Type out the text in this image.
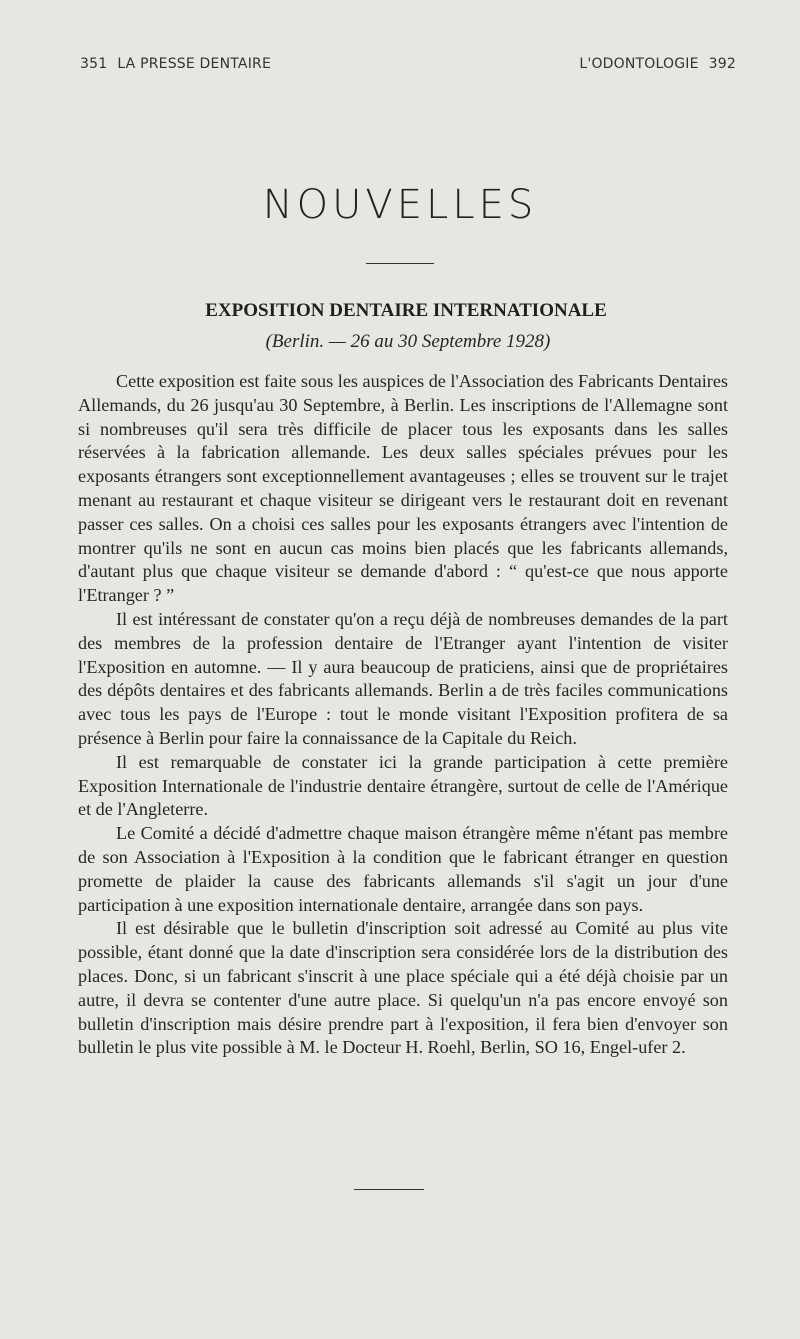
351 LA PRESSE DENTAIRE	L'ODONTOLOGIE 392
NOUVELLES
EXPOSITION DENTAIRE INTERNATIONALE
(Berlin. — 26 au 30 Septembre 1928)

Cette exposition est faite sous les auspices de l'Association des Fabricants Dentaires Allemands, du 26 jusqu'au 30 Septembre, à Berlin. Les inscriptions de l'Allemagne sont si nombreuses qu'il sera très difficile de placer tous les exposants dans les salles réservées à la fabrication allemande. Les deux salles spéciales prévues pour les exposants étrangers sont exceptionnellement avantageuses ; elles se trouvent sur le trajet menant au restaurant et chaque visiteur se dirigeant vers le restaurant doit en revenant passer ces salles. On a choisi ces salles pour les exposants étrangers avec l'intention de montrer qu'ils ne sont en aucun cas moins bien placés que les fabricants allemands, d'autant plus que chaque visiteur se demande d'abord : “ qu'est-ce que nous apporte l'Etranger ? ”

Il est intéressant de constater qu'on a reçu déjà de nombreuses demandes de la part des membres de la profession dentaire de l'Etranger ayant l'intention de visiter l'Exposition en automne. — Il y aura beaucoup de praticiens, ainsi que de propriétaires des dépôts dentaires et des fabricants allemands. Berlin a de très faciles communications avec tous les pays de l'Europe : tout le monde visitant l'Exposition profitera de sa présence à Berlin pour faire la connaissance de la Capitale du Reich.

Il est remarquable de constater ici la grande participation à cette première Exposition Internationale de l'industrie dentaire étrangère, surtout de celle de l'Amérique et de l'Angleterre.

Le Comité a décidé d'admettre chaque maison étrangère même n'étant pas membre de son Association à l'Exposition à la condition que le fabricant étranger en question promette de plaider la cause des fabricants allemands s'il s'agit un jour d'une participation à une exposition internationale dentaire, arrangée dans son pays.

Il est désirable que le bulletin d'inscription soit adressé au Comité au plus vite possible, étant donné que la date d'inscription sera considérée lors de la distribution des places. Donc, si un fabricant s'inscrit à une place spéciale qui a été déjà choisie par un autre, il devra se contenter d'une autre place. Si quelqu'un n'a pas encore envoyé son bulletin d'inscription mais désire prendre part à l'exposition, il fera bien d'envoyer son bulletin le plus vite possible à M. le Docteur H. Roehl, Berlin, SO 16, Engel-ufer 2.
